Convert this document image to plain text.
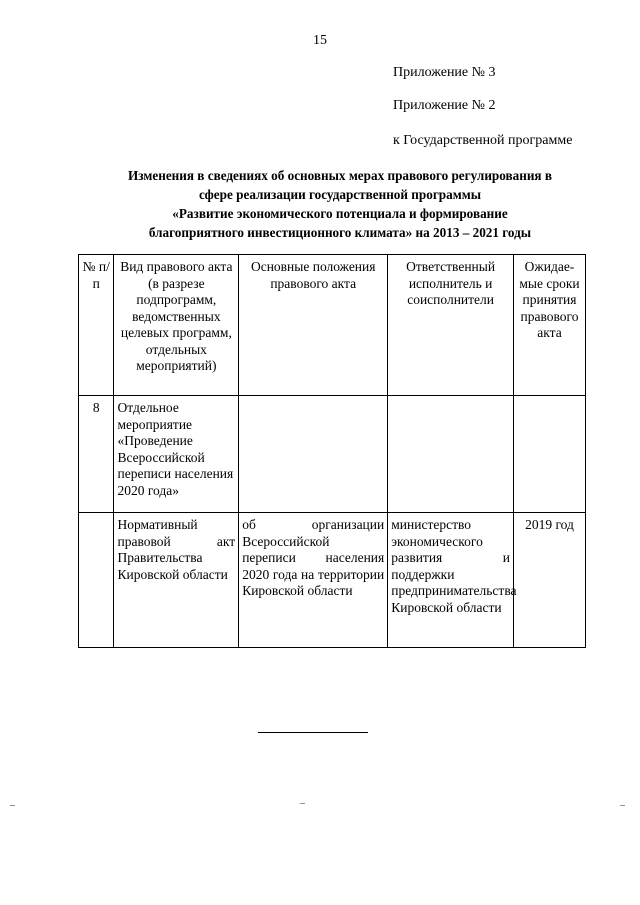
15
Приложение № 3
Приложение № 2
к Государственной программе
Изменения в сведениях об основных мерах правового регулирования в
сфере реализации государственной программы
«Развитие экономического потенциала и формирование
благоприятного инвестиционного климата» на 2013 – 2021 годы
№ п/п	Вид правового акта (в разрезе подпрограмм, ведомственных целевых программ, отдельных мероприятий)	Основные положения правового акта	Ответственный исполнитель и соисполнители	Ожидае-мые сроки принятия правового акта
8	Отдельное мероприятие «Проведение Всероссийской переписи населения 2020 года»			
	Нормативный правовой акт Правительства Кировской области	об организации Всероссийской переписи населения 2020 года на территории Кировской области	министерство экономического развития и поддержки предпринимательства Кировской области	2019 год
–	–	–
